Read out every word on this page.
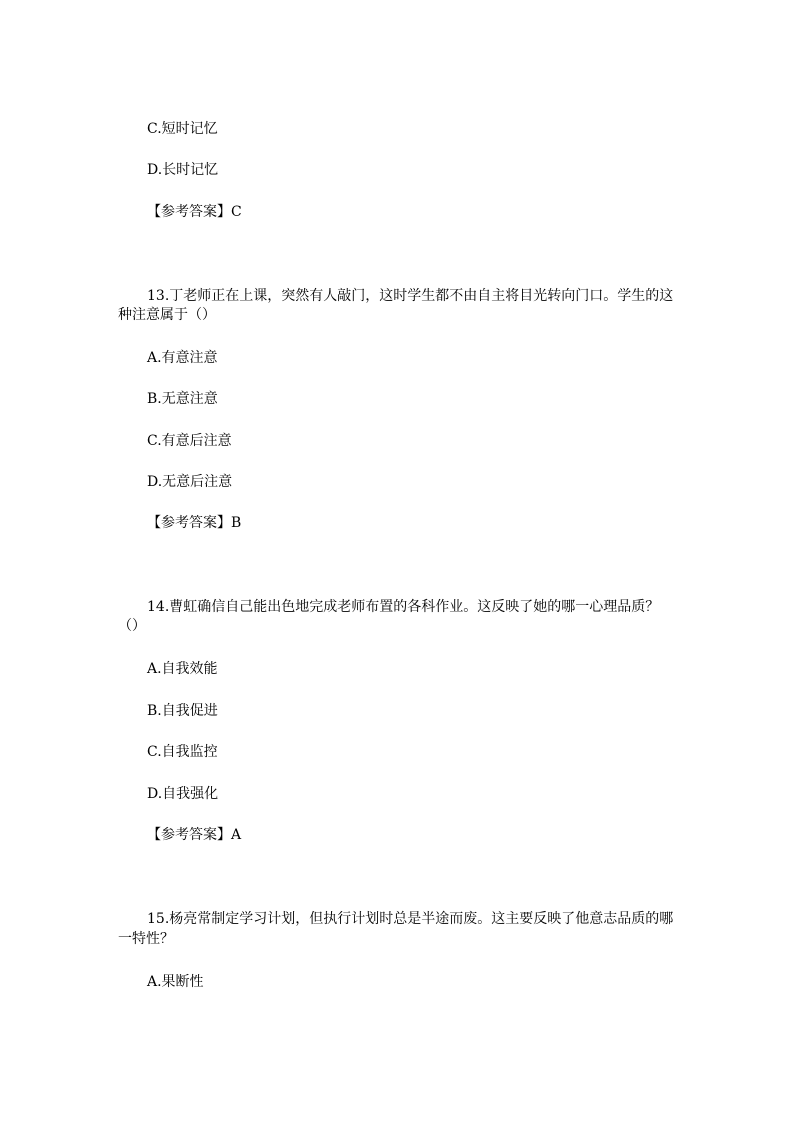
C.短时记忆
D.长时记忆
【参考答案】C
13.丁老师正在上课，突然有人敲门，这时学生都不由自主将目光转向门口。学生的这
种注意属于（）
A.有意注意
B.无意注意
C.有意后注意
D.无意后注意
【参考答案】B
14.曹虹确信自己能出色地完成老师布置的各科作业。这反映了她的哪一心理品质？
（）
A.自我效能
B.自我促进
C.自我监控
D.自我强化
【参考答案】A
15.杨亮常制定学习计划，但执行计划时总是半途而废。这主要反映了他意志品质的哪
一特性？
A.果断性
